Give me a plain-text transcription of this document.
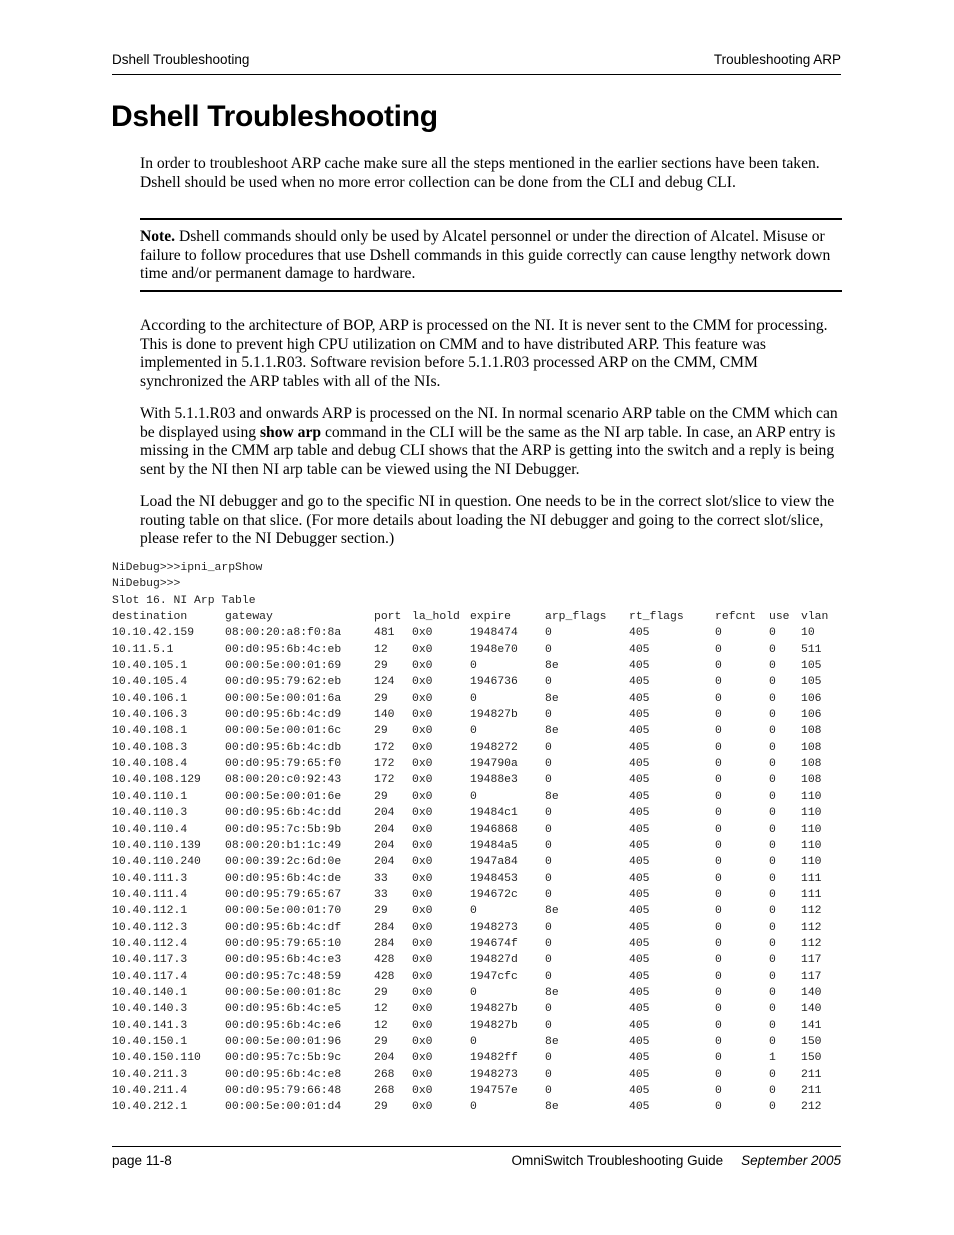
Dshell Troubleshooting	Troubleshooting ARP
Dshell Troubleshooting
In order to troubleshoot ARP cache make sure all the steps mentioned in the earlier sections have been taken. Dshell should be used when no more error collection can be done from the CLI and debug CLI.
Note. Dshell commands should only be used by Alcatel personnel or under the direction of Alcatel. Misuse or failure to follow procedures that use Dshell commands in this guide correctly can cause lengthy network down time and/or permanent damage to hardware.
According to the architecture of BOP, ARP is processed on the NI. It is never sent to the CMM for processing. This is done to prevent high CPU utilization on CMM and to have distributed ARP. This feature was implemented in 5.1.1.R03. Software revision before 5.1.1.R03 processed ARP on the CMM, CMM synchronized the ARP tables with all of the NIs.
With 5.1.1.R03 and onwards ARP is processed on the NI. In normal scenario ARP table on the CMM which can be displayed using show arp command in the CLI will be the same as the NI arp table. In case, an ARP entry is missing in the CMM arp table and debug CLI shows that the ARP is getting into the switch and a reply is being sent by the NI then NI arp table can be viewed using the NI Debugger.
Load the NI debugger and go to the specific NI in question. One needs to be in the correct slot/slice to view the routing table on that slice. (For more details about loading the NI debugger and going to the correct slot/slice, please refer to the NI Debugger section.)
NiDebug>>>ipni_arpShow
NiDebug>>>
Slot 16. NI Arp Table
destination	gateway	port	la_hold	expire	arp_flags	rt_flags	refcnt	use	vlan
10.10.42.159	08:00:20:a8:f0:8a	481	0x0	1948474	0	405	0	0	10
10.11.5.1	00:d0:95:6b:4c:eb	12	0x0	1948e70	0	405	0	0	511
10.40.105.1	00:00:5e:00:01:69	29	0x0	0	8e	405	0	0	105
10.40.105.4	00:d0:95:79:62:eb	124	0x0	1946736	0	405	0	0	105
10.40.106.1	00:00:5e:00:01:6a	29	0x0	0	8e	405	0	0	106
10.40.106.3	00:d0:95:6b:4c:d9	140	0x0	194827b	0	405	0	0	106
10.40.108.1	00:00:5e:00:01:6c	29	0x0	0	8e	405	0	0	108
10.40.108.3	00:d0:95:6b:4c:db	172	0x0	1948272	0	405	0	0	108
10.40.108.4	00:d0:95:79:65:f0	172	0x0	194790a	0	405	0	0	108
10.40.108.129	08:00:20:c0:92:43	172	0x0	19488e3	0	405	0	0	108
10.40.110.1	00:00:5e:00:01:6e	29	0x0	0	8e	405	0	0	110
10.40.110.3	00:d0:95:6b:4c:dd	204	0x0	19484c1	0	405	0	0	110
10.40.110.4	00:d0:95:7c:5b:9b	204	0x0	1946868	0	405	0	0	110
10.40.110.139	08:00:20:b1:1c:49	204	0x0	19484a5	0	405	0	0	110
10.40.110.240	00:00:39:2c:6d:0e	204	0x0	1947a84	0	405	0	0	110
10.40.111.3	00:d0:95:6b:4c:de	33	0x0	1948453	0	405	0	0	111
10.40.111.4	00:d0:95:79:65:67	33	0x0	194672c	0	405	0	0	111
10.40.112.1	00:00:5e:00:01:70	29	0x0	0	8e	405	0	0	112
10.40.112.3	00:d0:95:6b:4c:df	284	0x0	1948273	0	405	0	0	112
10.40.112.4	00:d0:95:79:65:10	284	0x0	194674f	0	405	0	0	112
10.40.117.3	00:d0:95:6b:4c:e3	428	0x0	194827d	0	405	0	0	117
10.40.117.4	00:d0:95:7c:48:59	428	0x0	1947cfc	0	405	0	0	117
10.40.140.1	00:00:5e:00:01:8c	29	0x0	0	8e	405	0	0	140
10.40.140.3	00:d0:95:6b:4c:e5	12	0x0	194827b	0	405	0	0	140
10.40.141.3	00:d0:95:6b:4c:e6	12	0x0	194827b	0	405	0	0	141
10.40.150.1	00:00:5e:00:01:96	29	0x0	0	8e	405	0	0	150
10.40.150.110	00:d0:95:7c:5b:9c	204	0x0	19482ff	0	405	0	1	150
10.40.211.3	00:d0:95:6b:4c:e8	268	0x0	1948273	0	405	0	0	211
10.40.211.4	00:d0:95:79:66:48	268	0x0	194757e	0	405	0	0	211
10.40.212.1	00:00:5e:00:01:d4	29	0x0	0	8e	405	0	0	212
page 11-8	OmniSwitch Troubleshooting Guide September 2005
